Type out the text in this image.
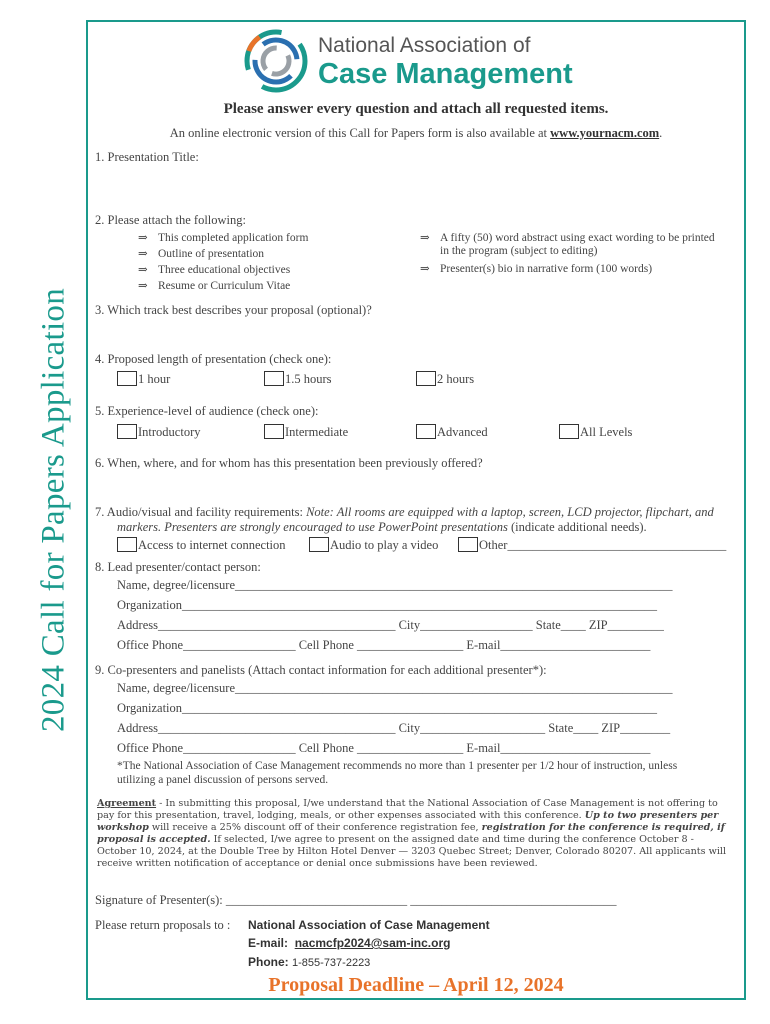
2024 Call for Papers Application
National Association of
Case Management
Please answer every question and attach all requested items.
An online electronic version of this Call for Papers form is also available at www.yournacm.com.
1. Presentation Title:
2. Please attach the following:
⇒ This completed application form
⇒ Outline of presentation
⇒ Three educational objectives
⇒ Resume or Curriculum Vitae
⇒ A fifty (50) word abstract using exact wording to be printed
in the program (subject to editing)
⇒ Presenter(s) bio in narrative form (100 words)
3. Which track best describes your proposal (optional)?
4. Proposed length of presentation (check one):
1 hour	1.5 hours	2 hours
5. Experience-level of audience (check one):
Introductory	Intermediate	Advanced	All Levels
6. When, where, and for whom has this presentation been previously offered?
7. Audio/visual and facility requirements: Note: All rooms are equipped with a laptop, screen, LCD projector, flipchart, and
markers. Presenters are strongly encouraged to use PowerPoint presentations (indicate additional needs).
Access to internet connection	Audio to play a video	Other___________________________________
8. Lead presenter/contact person:
Name, degree/licensure______________________________________________________________________
Organization____________________________________________________________________________
Address______________________________________ City__________________ State____ ZIP_________
Office Phone__________________ Cell Phone _________________ E-mail________________________
9. Co-presenters and panelists (Attach contact information for each additional presenter*):
Name, degree/licensure______________________________________________________________________
Organization____________________________________________________________________________
Address______________________________________ City____________________ State____ ZIP________
Office Phone__________________ Cell Phone _________________ E-mail________________________
*The National Association of Case Management recommends no more than 1 presenter per 1/2 hour of instruction, unless
utilizing a panel discussion of persons served.
Agreement - In submitting this proposal, I/we understand that the National Association of Case Management is not offering to pay for this presentation, travel, lodging, meals, or other expenses associated with this conference. Up to two presenters per workshop will receive a 25% discount off of their conference registration fee, registration for the conference is required, if proposal is accepted. If selected, I/we agree to present on the assigned date and time during the conference October 8 - October 10, 2024, at the Double Tree by Hilton Hotel Denver — 3203 Quebec Street; Denver, Colorado 80207. All applicants will receive written notification of acceptance or denial once submissions have been reviewed.
Signature of Presenter(s): _____________________________ _________________________________
Please return proposals to : National Association of Case Management
E-mail: nacmcfp2024@sam-inc.org
Phone: 1-855-737-2223
Proposal Deadline – April 12, 2024
